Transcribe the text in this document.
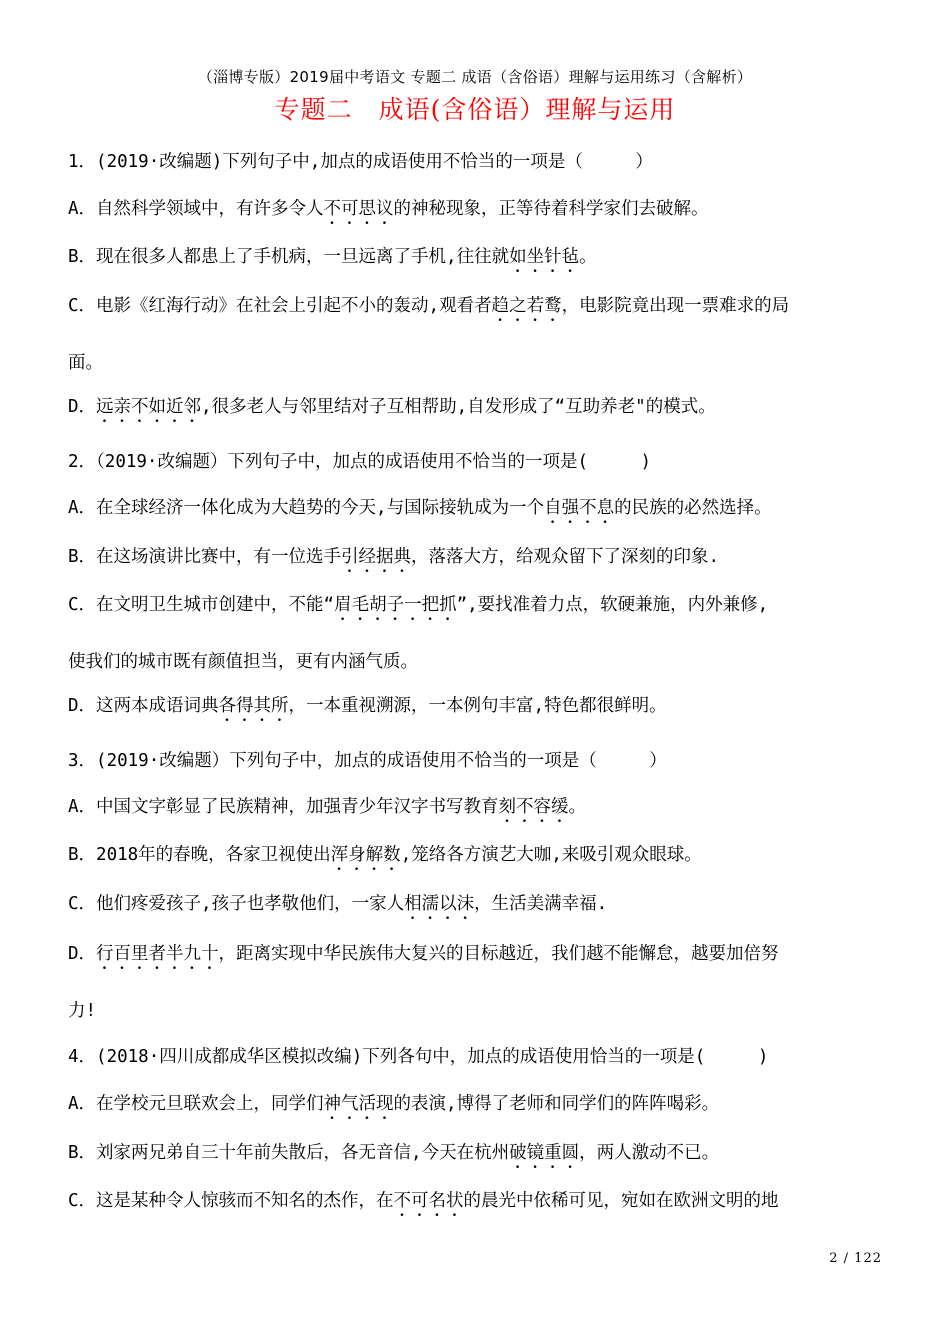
（淄博专版）2019届中考语文 专题二 成语（含俗语）理解与运用练习（含解析）
专题二　成语(含俗语）理解与运用
1．(2019·改编题)下列句子中,加点的成语使用不恰当的一项是（　　　）
A．自然科学领域中，有许多令人不可思议的神秘现象，正等待着科学家们去破解。
B．现在很多人都患上了手机病，一旦远离了手机,往往就如坐针毡。
C．电影《红海行动》在社会上引起不小的轰动,观看者趋之若鹜，电影院竟出现一票难求的局
面。
D．远亲不如近邻,很多老人与邻里结对子互相帮助,自发形成了“互助养老"的模式。
2．（2019·改编题）下列句子中，加点的成语使用不恰当的一项是(　　　)
A．在全球经济一体化成为大趋势的今天,与国际接轨成为一个自强不息的民族的必然选择。
B．在这场演讲比赛中，有一位选手引经据典，落落大方，给观众留下了深刻的印象.
C．在文明卫生城市创建中，不能“眉毛胡子一把抓”,要找准着力点，软硬兼施，内外兼修,
使我们的城市既有颜值担当，更有内涵气质。
D．这两本成语词典各得其所，一本重视溯源，一本例句丰富,特色都很鲜明。
3．(2019·改编题）下列句子中，加点的成语使用不恰当的一项是（　　　）
A．中国文字彰显了民族精神，加强青少年汉字书写教育刻不容缓。
B．2018年的春晚，各家卫视使出浑身解数,笼络各方演艺大咖,来吸引观众眼球。
C．他们疼爱孩子,孩子也孝敬他们，一家人相濡以沫，生活美满幸福.
D．行百里者半九十，距离实现中华民族伟大复兴的目标越近，我们越不能懈怠，越要加倍努
力!
4．(2018·四川成都成华区模拟改编)下列各句中，加点的成语使用恰当的一项是(　　　)
A．在学校元旦联欢会上，同学们神气活现的表演,博得了老师和同学们的阵阵喝彩。
B．刘家两兄弟自三十年前失散后，各无音信,今天在杭州破镜重圆，两人激动不已。
C．这是某种令人惊骇而不知名的杰作，在不可名状的晨光中依稀可见，宛如在欧洲文明的地
2 / 122
